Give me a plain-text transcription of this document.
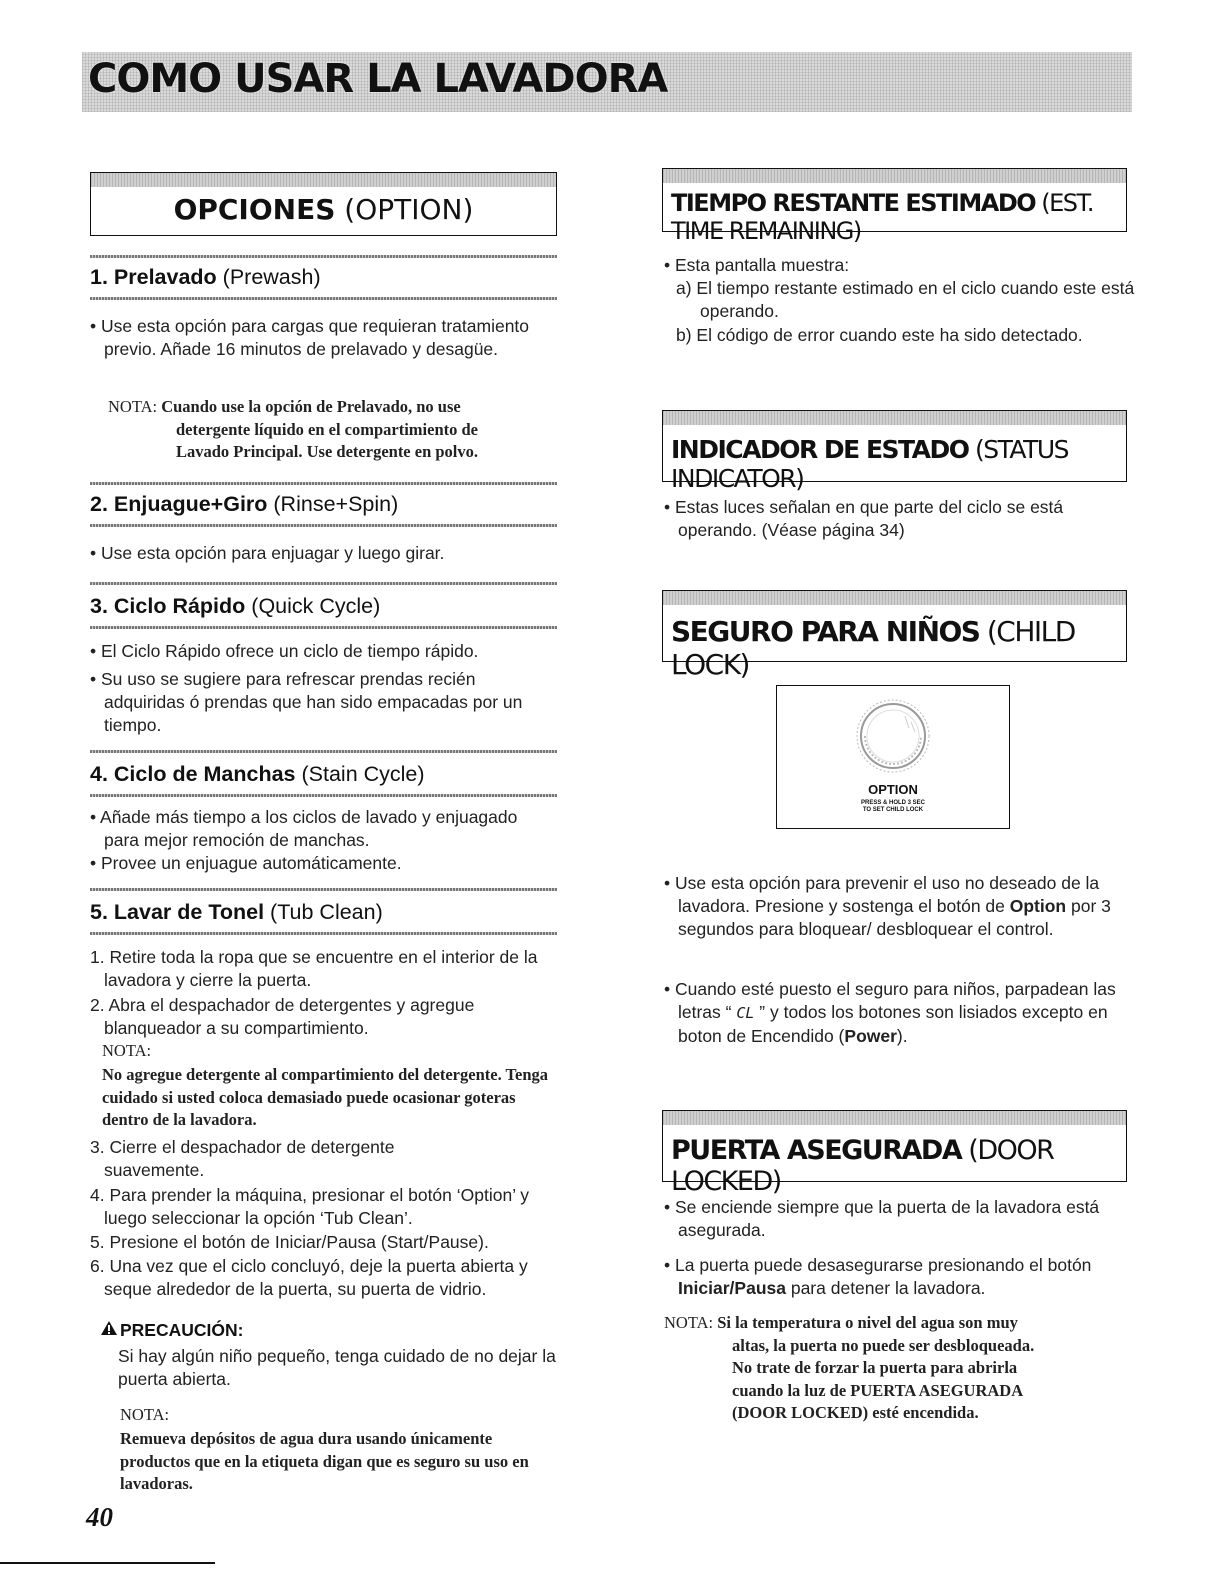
COMO USAR LA LAVADORA

OPCIONES (OPTION)

1. Prelavado (Prewash)

• Use esta opción para cargas que requieran tratamiento previo. Añade 16 minutos de prelavado y desagüe.

NOTA: Cuando use la opción de Prelavado, no use
detergente líquido en el compartimiento de
Lavado Principal. Use detergente en polvo.

2. Enjuague+Giro (Rinse+Spin)

• Use esta opción para enjuagar y luego girar.

3. Ciclo Rápido (Quick Cycle)

• El Ciclo Rápido ofrece un ciclo de tiempo rápido.

• Su uso se sugiere para refrescar prendas recién adquiridas ó prendas que han sido empacadas por un tiempo.

4. Ciclo de Manchas (Stain Cycle)

• Añade más tiempo a los ciclos de lavado y enjuagado para mejor remoción de manchas.

• Provee un enjuague automáticamente.

5. Lavar de Tonel (Tub Clean)

1. Retire toda la ropa que se encuentre en el interior de la lavadora y cierre la puerta.

2. Abra el despachador de detergentes y agregue blanqueador a su compartimiento.

NOTA:

No agregue detergente al compartimiento del detergente. Tenga cuidado si usted coloca demasiado puede ocasionar goteras dentro de la lavadora.

3. Cierre el despachador de detergente suavemente.

4. Para prender la máquina, presionar el botón ‘Option’ y luego seleccionar la opción ‘Tub Clean’.

5. Presione el botón de Iniciar/Pausa (Start/Pause).

6. Una vez que el ciclo concluyó, deje la puerta abierta y seque alrededor de la puerta, su puerta de vidrio.

PRECAUCIÓN:

Si hay algún niño pequeño, tenga cuidado de no dejar la puerta abierta.

NOTA:

Remueva depósitos de agua dura usando únicamente productos que en la etiqueta digan que es seguro su uso en lavadoras.

40

TIEMPO RESTANTE ESTIMADO (EST. TIME REMAINING)

• Esta pantalla muestra:

a) El tiempo restante estimado en el ciclo cuando este está operando.

b) El código de error cuando este ha sido detectado.

INDICADOR DE ESTADO (STATUS INDICATOR)

• Estas luces señalan en que parte del ciclo se está operando. (Véase página 34)

SEGURO PARA NIÑOS (CHILD LOCK)

OPTION

PRESS & HOLD 3 SEC

TO SET CHILD LOCK

• Use esta opción para prevenir el uso no deseado de la lavadora. Presione y sostenga el botón de Option por 3 segundos para bloquear/ desbloquear el control.

• Cuando esté puesto el seguro para niños, parpadean las letras “ CL ” y todos los botones son lisiados excepto en boton de Encendido (Power).

PUERTA ASEGURADA (DOOR LOCKED)

• Se enciende siempre que la puerta de la lavadora está asegurada.

• La puerta puede desasegurarse presionando el botón Iniciar/Pausa para detener la lavadora.

NOTA: Si la temperatura o nivel del agua son muy
altas, la puerta no puede ser desbloqueada.
No trate de forzar la puerta para abrirla
cuando la luz de PUERTA ASEGURADA
(DOOR LOCKED) esté encendida.
